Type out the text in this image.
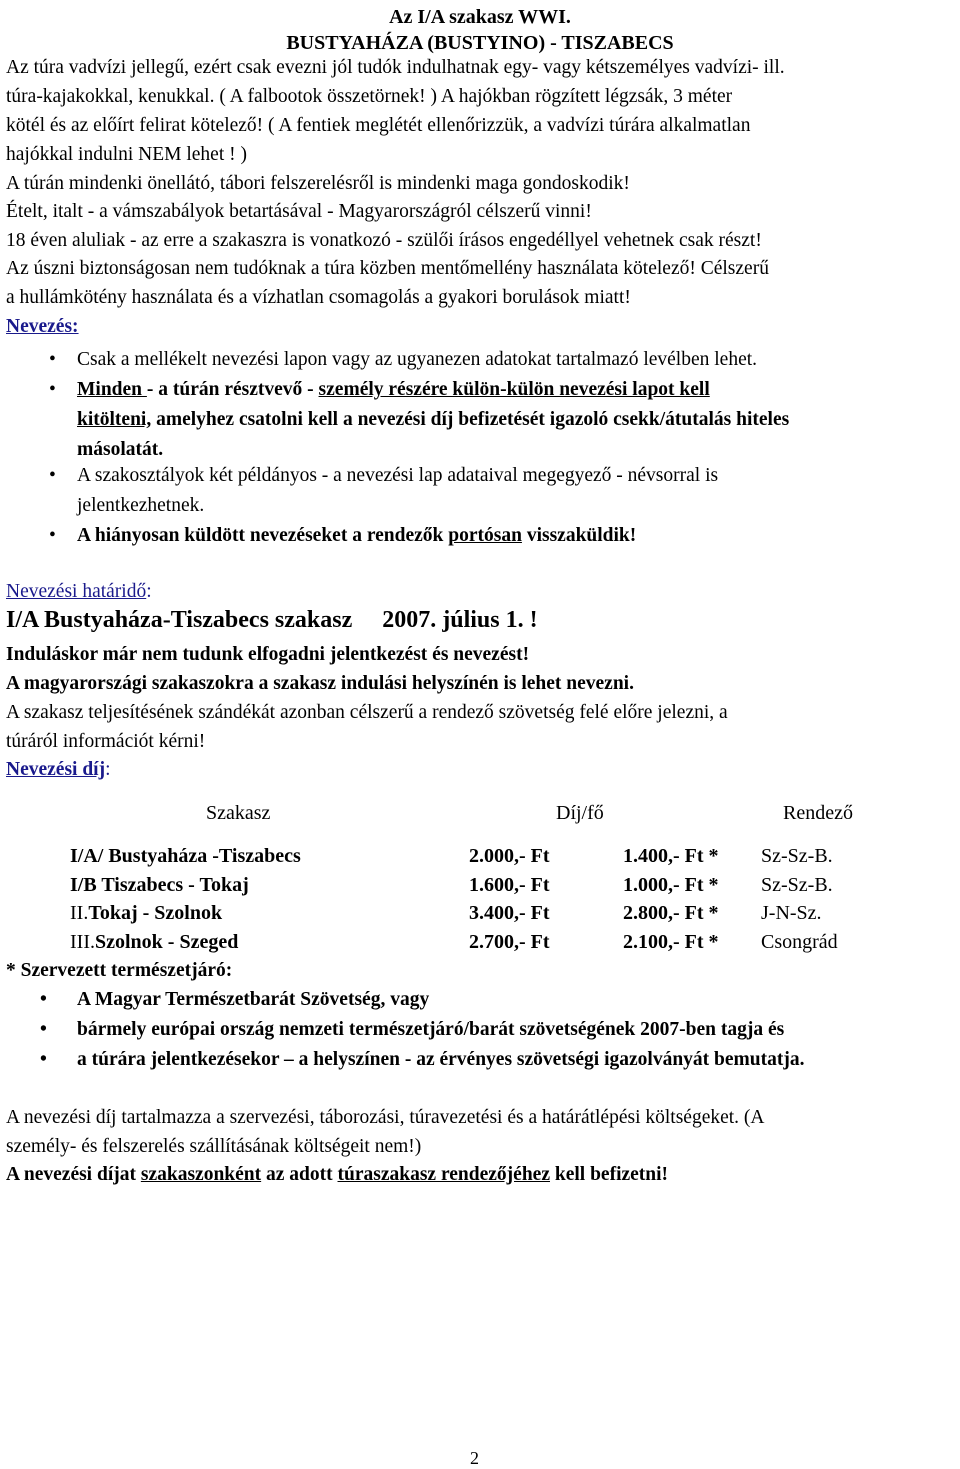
Az I/A szakasz WWI.
BUSTYAHÁZA (BUSTYINO) - TISZABECS
Az túra vadvízi jellegű, ezért csak evezni jól tudók indulhatnak egy- vagy kétszemélyes vadvízi- ill.
túra-kajakokkal, kenukkal. ( A falbootok összetörnek! ) A hajókban rögzített légzsák, 3 méter
kötél és az előírt felirat kötelező! ( A fentiek meglétét ellenőrizzük, a vadvízi túrára alkalmatlan
hajókkal indulni NEM lehet ! )
A túrán mindenki önellátó, tábori felszerelésről is mindenki maga gondoskodik!
Ételt, italt - a vámszabályok betartásával - Magyarországról célszerű vinni!
18 éven aluliak - az erre a szakaszra is vonatkozó - szülői írásos engedéllyel vehetnek csak részt!
Az úszni biztonságosan nem tudóknak a túra közben mentőmellény használata kötelező! Célszerű
a hullámkötény használata és a vízhatlan csomagolás a gyakori borulások miatt!
Nevezés:
•	Csak a mellékelt nevezési lapon vagy az ugyanezen adatokat tartalmazó levélben lehet.
•	Minden - a túrán résztvevő - személy részére külön-külön nevezési lapot kell
kitölteni, amelyhez csatolni kell a nevezési díj befizetését igazoló csekk/átutalás hiteles
másolatát.
•	A szakosztályok két példányos - a nevezési lap adataival megegyező - névsorral is
jelentkezhetnek.
•	A hiányosan küldött nevezéseket a rendezők portósan visszaküldik!
Nevezési határidő:
I/A Bustyaháza-Tiszabecs szakasz     2007. július 1. !
Induláskor már nem tudunk elfogadni jelentkezést és nevezést!
A magyarországi szakaszokra a szakasz indulási helyszínén is lehet nevezni.
A szakasz teljesítésének szándékát azonban célszerű a rendező szövetség felé előre jelezni, a
túráról információt kérni!
Nevezési díj:
Szakasz	Díj/fő	Rendező
I/A/ Bustyaháza -Tiszabecs	2.000,- Ft	1.400,- Ft * Sz-Sz-B.
I/B Tiszabecs - Tokaj	1.600,- Ft	1.000,- Ft * Sz-Sz-B.
II.Tokaj - Szolnok	3.400,- Ft	2.800,- Ft * J-N-Sz.
III.Szolnok - Szeged	2.700,- Ft	2.100,- Ft * Csongrád
* Szervezett természetjáró:
• A Magyar Természetbarát Szövetség, vagy
• bármely európai ország nemzeti természetjáró/barát szövetségének 2007-ben tagja és
• a túrára jelentkezésekor – a helyszínen - az érvényes szövetségi igazolványát bemutatja.
A nevezési díj tartalmazza a szervezési, táborozási, túravezetési és a határátlépési költségeket. (A
személy- és felszerelés szállításának költségeit nem!)
A nevezési díjat szakaszonként az adott túraszakasz rendezőjéhez kell befizetni!
2
